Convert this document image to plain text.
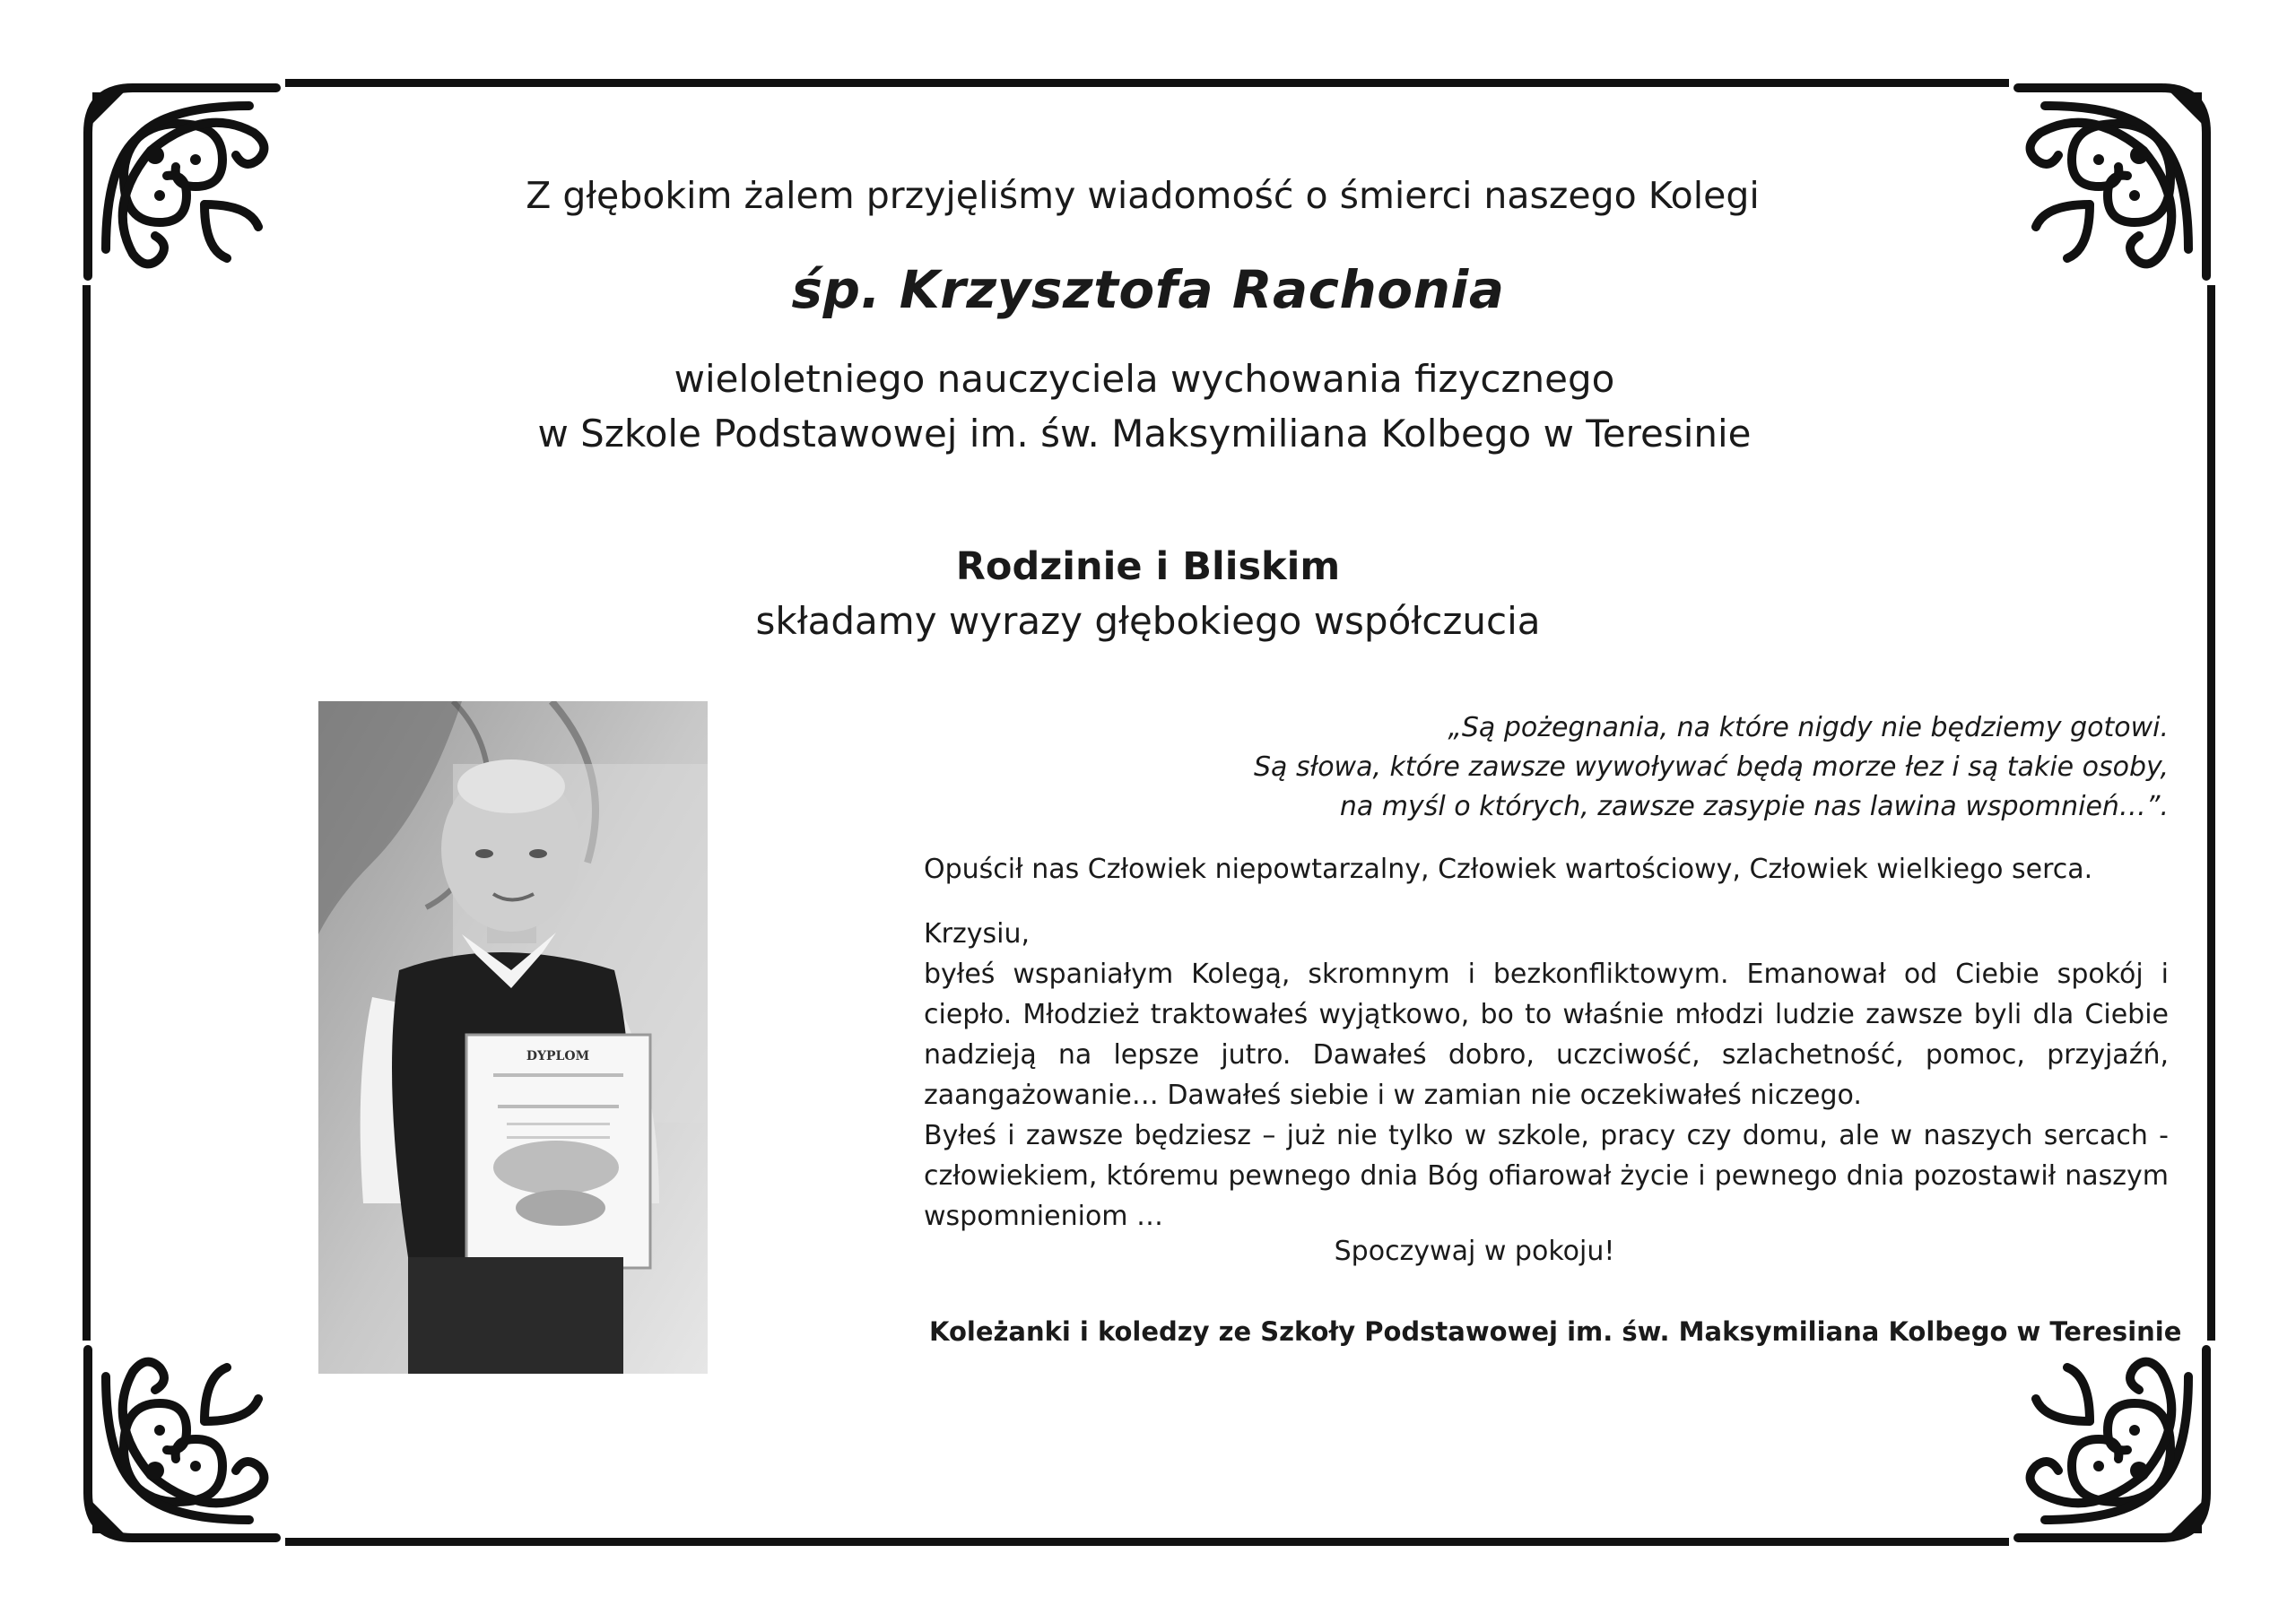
Z głębokim żalem przyjęliśmy wiadomość o śmierci naszego Kolegi
śp. Krzysztofa Rachonia
wieloletniego nauczyciela wychowania fizycznego
w Szkole Podstawowej im. św. Maksymiliana Kolbego w Teresinie
Rodzinie i Bliskim
składamy wyrazy głębokiego współczucia
DYPLOM
„Są pożegnania, na które nigdy nie będziemy gotowi.
Są słowa, które zawsze wywoływać będą morze łez i są takie osoby,
na myśl o których, zawsze zasypie nas lawina wspomnień…”.
Opuścił nas Człowiek niepowtarzalny, Człowiek wartościowy, Człowiek wielkiego serca.
Krzysiu,
byłeś wspaniałym Kolegą, skromnym i bezkonfliktowym. Emanował od Ciebie spokój i ciepło. Młodzież traktowałeś wyjątkowo, bo to właśnie młodzi ludzie zawsze byli dla Ciebie nadzieją na lepsze jutro. Dawałeś dobro, uczciwość, szlachetność, pomoc, przyjaźń, zaangażowanie… Dawałeś siebie i w zamian nie oczekiwałeś niczego.
Byłeś i zawsze będziesz – już nie tylko w szkole, pracy czy domu, ale w naszych sercach - człowiekiem, któremu pewnego dnia Bóg ofiarował życie i pewnego dnia pozostawił naszym wspomnieniom …
Spoczywaj w pokoju!
Koleżanki i koledzy ze Szkoły Podstawowej im. św. Maksymiliana Kolbego w Teresinie
